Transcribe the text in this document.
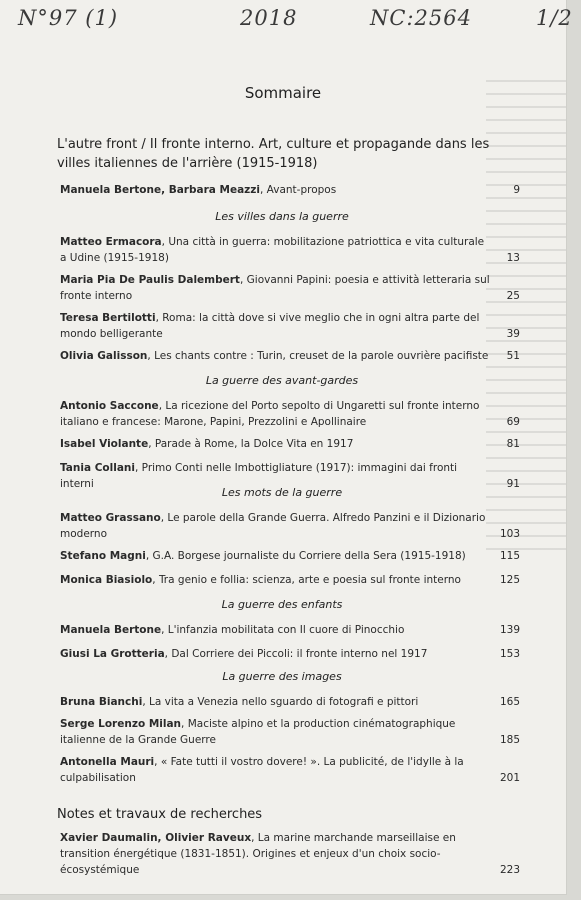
N°97 (1)	2018	NC:2564	1/2
Sommaire
L'autre front / Il fronte interno. Art, culture et propagande dans les villes italiennes de l'arrière (1915-1918)
Les villes dans la guerre
Manuela Bertone, Barbara Meazzi, Avant-propos	9
Matteo Ermacora, Una città in guerra: mobilitazione patriottica e vita culturale a Udine (1915-1918)	13
Maria Pia De Paulis Dalembert, Giovanni Papini: poesia e attività letteraria sul fronte interno	25
Teresa Bertilotti, Roma: la città dove si vive meglio che in ogni altra parte del mondo belligerante	39
Olivia Galisson, Les chants contre : Turin, creuset de la parole ouvrière pacifiste 51
La guerre des avant-gardes
Antonio Saccone, La ricezione del Porto sepolto di Ungaretti sul fronte interno italiano e francese: Marone, Papini, Prezzolini e Apollinaire	69
Isabel Violante, Parade à Rome, la Dolce Vita en 1917	81
Tania Collani, Primo Conti nelle Imbottigliature (1917): immagini dai fronti interni	91
Les mots de la guerre
Matteo Grassano, Le parole della Grande Guerra. Alfredo Panzini e il Dizionario moderno	103
Stefano Magni, G.A. Borgese journaliste du Corriere della Sera (1915-1918)	115
Monica Biasiolo, Tra genio e follia: scienza, arte e poesia sul fronte interno	125
La guerre des enfants
Manuela Bertone, L'infanzia mobilitata con Il cuore di Pinocchio	139
Giusi La Grotteria, Dal Corriere dei Piccoli: il fronte interno nel 1917	153
La guerre des images
Bruna Bianchi, La vita a Venezia nello sguardo di fotografi e pittori	165
Serge Lorenzo Milan, Maciste alpino et la production cinématographique italienne de la Grande Guerre	185
Antonella Mauri, « Fate tutti il vostro dovere! ». La publicité, de l'idylle à la culpabilisation	201
Notes et travaux de recherches
Xavier Daumalin, Olivier Raveux, La marine marchande marseillaise en transition énergétique (1831-1851). Origines et enjeux d'un choix socio-écosystémique	223
